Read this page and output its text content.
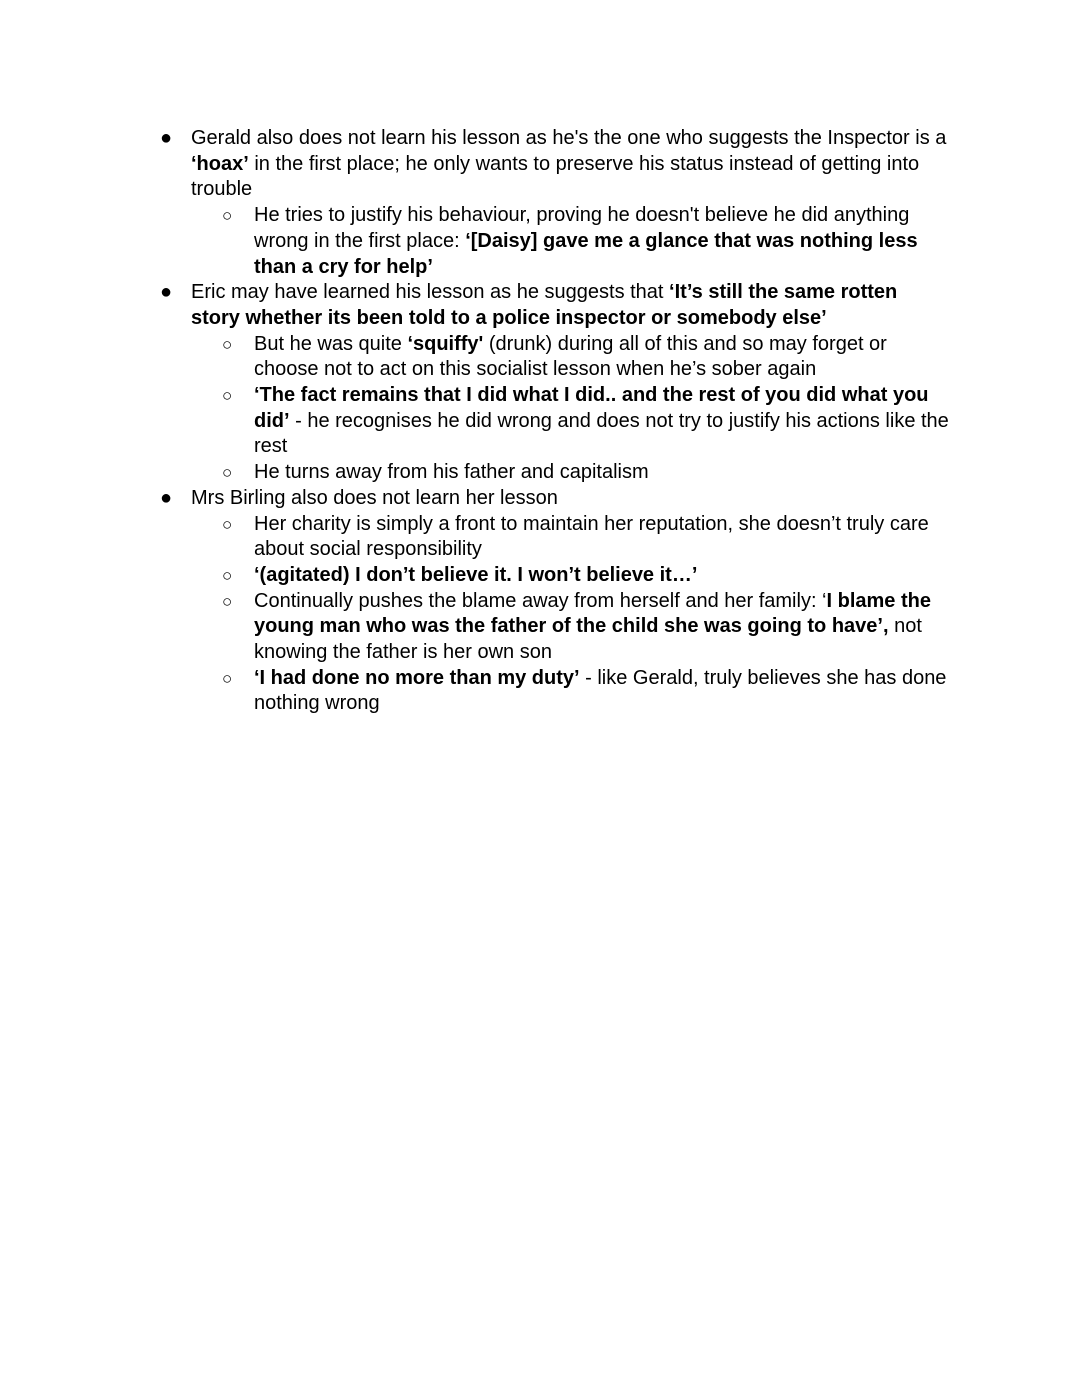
● Gerald also does not learn his lesson as he's the one who suggests the Inspector is a ‘hoax’ in the first place; he only wants to preserve his status instead of getting into trouble
○ He tries to justify his behaviour, proving he doesn't believe he did anything wrong in the first place: ‘[Daisy] gave me a glance that was nothing less than a cry for help’
● Eric may have learned his lesson as he suggests that ‘It’s still the same rotten story whether its been told to a police inspector or somebody else’
○ But he was quite ‘squiffy' (drunk) during all of this and so may forget or choose not to act on this socialist lesson when he’s sober again
○ ‘The fact remains that I did what I did.. and the rest of you did what you did’ - he recognises he did wrong and does not try to justify his actions like the rest
○ He turns away from his father and capitalism
● Mrs Birling also does not learn her lesson
○ Her charity is simply a front to maintain her reputation, she doesn’t truly care about social responsibility
○ ‘(agitated) I don’t believe it. I won’t believe it…’
○ Continually pushes the blame away from herself and her family: ‘I blame the young man who was the father of the child she was going to have’, not knowing the father is her own son
○ ‘I had done no more than my duty’ - like Gerald, truly believes she has done nothing wrong
